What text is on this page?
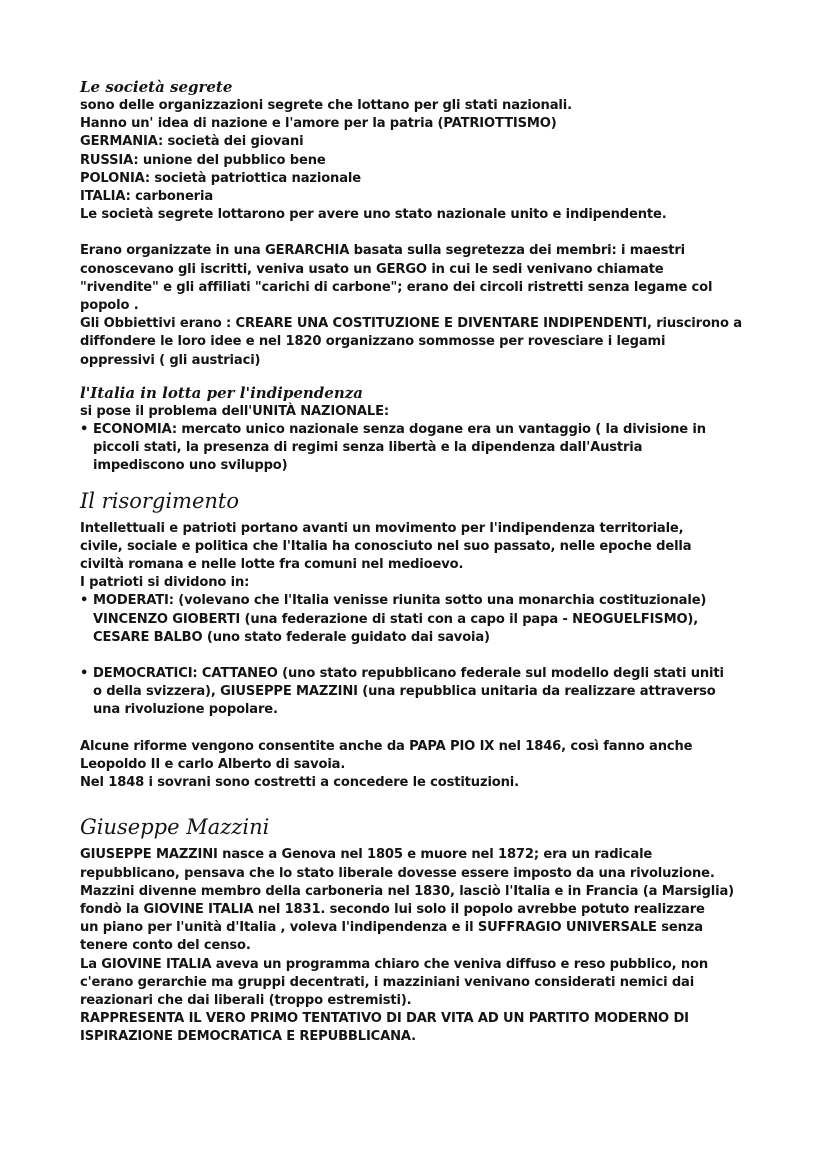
Le società segrete
sono delle organizzazioni segrete che lottano per gli stati nazionali.
Hanno un' idea di nazione e l'amore per la patria (PATRIOTTISMO)
GERMANIA: società dei giovani
RUSSIA: unione del pubblico bene
POLONIA: società patriottica nazionale
ITALIA: carboneria
Le società segrete lottarono per avere uno stato nazionale unito e indipendente.
Erano organizzate in una GERARCHIA basata sulla segretezza dei membri: i maestri
conoscevano gli iscritti, veniva usato un GERGO in cui le sedi venivano chiamate
"rivendite" e gli affiliati "carichi di carbone"; erano dei circoli ristretti senza legame col
popolo .
Gli Obbiettivi erano : CREARE UNA COSTITUZIONE E DIVENTARE INDIPENDENTI, riuscirono a
diffondere le loro idee e nel 1820 organizzano sommosse per rovesciare i legami
oppressivi ( gli austriaci)
l'Italia in lotta per l'indipendenza
si pose il problema dell'UNITÀ NAZIONALE:
• ECONOMIA: mercato unico nazionale senza dogane era un vantaggio ( la divisione in
piccoli stati, la presenza di regimi senza libertà e la dipendenza dall'Austria
impediscono uno sviluppo)
Il risorgimento
Intellettuali e patrioti portano avanti un movimento per l'indipendenza territoriale,
civile, sociale e politica che l'Italia ha conosciuto nel suo passato, nelle epoche della
civiltà romana e nelle lotte fra comuni nel medioevo.
I patrioti si dividono in:
• MODERATI: (volevano che l'Italia venisse riunita sotto una monarchia costituzionale)
VINCENZO GIOBERTI (una federazione di stati con a capo il papa - NEOGUELFISMO),
CESARE BALBO (uno stato federale guidato dai savoia)
• DEMOCRATICI: CATTANEO (uno stato repubblicano federale sul modello degli stati uniti
o della svizzera), GIUSEPPE MAZZINI (una repubblica unitaria da realizzare attraverso
una rivoluzione popolare.
Alcune riforme vengono consentite anche da PAPA PIO IX nel 1846, così fanno anche
Leopoldo II e carlo Alberto di savoia.
Nel 1848 i sovrani sono costretti a concedere le costituzioni.
Giuseppe Mazzini
GIUSEPPE MAZZINI nasce a Genova nel 1805 e muore nel 1872; era un radicale
repubblicano, pensava che lo stato liberale dovesse essere imposto da una rivoluzione.
Mazzini divenne membro della carboneria nel 1830, lasciò l'Italia e in Francia (a Marsiglia)
fondò la GIOVINE ITALIA nel 1831. secondo lui solo il popolo avrebbe potuto realizzare
un piano per l'unità d'Italia , voleva l'indipendenza e il SUFFRAGIO UNIVERSALE senza
tenere conto del censo.
La GIOVINE ITALIA aveva un programma chiaro che veniva diffuso e reso pubblico, non
c'erano gerarchie ma gruppi decentrati, i mazziniani venivano considerati nemici dai
reazionari che dai liberali (troppo estremisti).
RAPPRESENTA IL VERO PRIMO TENTATIVO DI DAR VITA AD UN PARTITO MODERNO DI
ISPIRAZIONE DEMOCRATICA E REPUBBLICANA.
